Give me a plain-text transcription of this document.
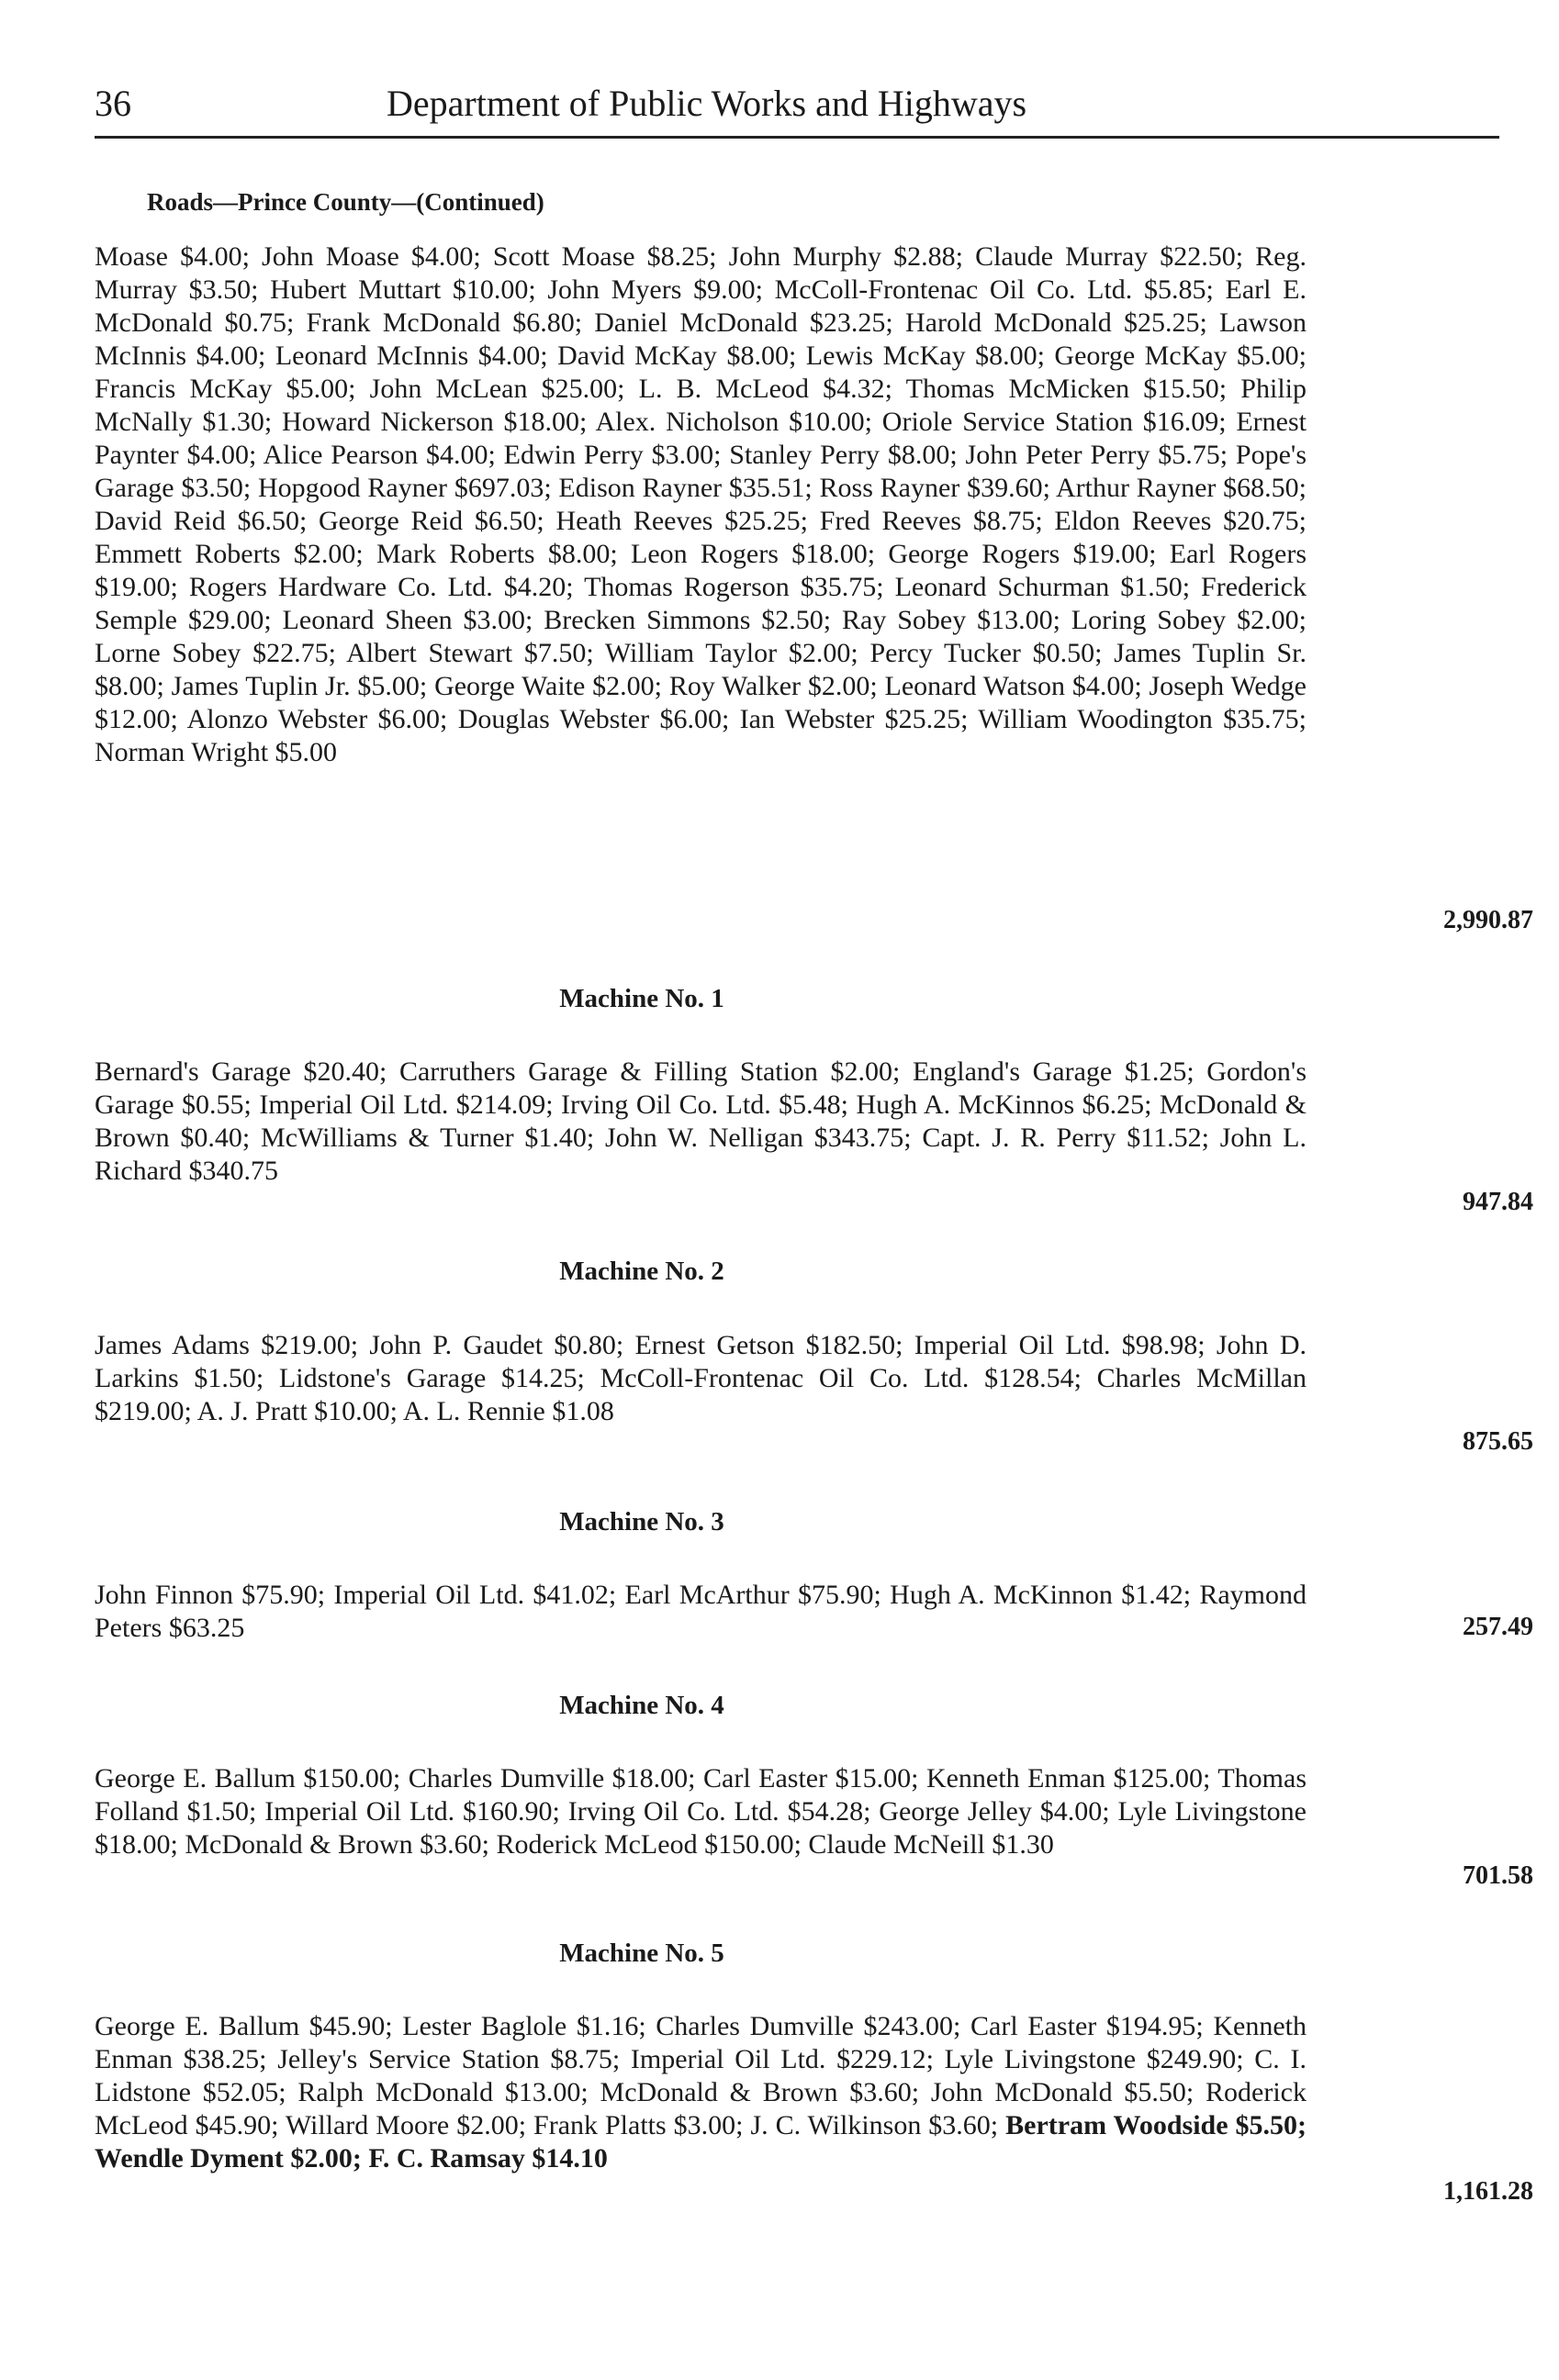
36	Department of Public Works and Highways
Roads—Prince County—(Continued)
Moase $4.00; John Moase $4.00; Scott Moase $8.25; John Murphy $2.88; Claude Murray $22.50; Reg. Murray $3.50; Hubert Muttart $10.00; John Myers $9.00; McColl-Frontenac Oil Co. Ltd. $5.85; Earl E. McDonald $0.75; Frank McDonald $6.80; Daniel McDonald $23.25; Harold McDonald $25.25; Lawson McInnis $4.00; Leonard McInnis $4.00; David McKay $8.00; Lewis McKay $8.00; George McKay $5.00; Francis McKay $5.00; John McLean $25.00; L. B. McLeod $4.32; Thomas McMicken $15.50; Philip McNally $1.30; Howard Nickerson $18.00; Alex. Nicholson $10.00; Oriole Service Station $16.09; Ernest Paynter $4.00; Alice Pearson $4.00; Edwin Perry $3.00; Stanley Perry $8.00; John Peter Perry $5.75; Pope's Garage $3.50; Hopgood Rayner $697.03; Edison Rayner $35.51; Ross Rayner $39.60; Arthur Rayner $68.50; David Reid $6.50; George Reid $6.50; Heath Reeves $25.25; Fred Reeves $8.75; Eldon Reeves $20.75; Emmett Roberts $2.00; Mark Roberts $8.00; Leon Rogers $18.00; George Rogers $19.00; Earl Rogers $19.00; Rogers Hardware Co. Ltd. $4.20; Thomas Rogerson $35.75; Leonard Schurman $1.50; Frederick Semple $29.00; Leonard Sheen $3.00; Brecken Simmons $2.50; Ray Sobey $13.00; Loring Sobey $2.00; Lorne Sobey $22.75; Albert Stewart $7.50; William Taylor $2.00; Percy Tucker $0.50; James Tuplin Sr. $8.00; James Tuplin Jr. $5.00; George Waite $2.00; Roy Walker $2.00; Leonard Watson $4.00; Joseph Wedge $12.00; Alonzo Webster $6.00; Douglas Webster $6.00; Ian Webster $25.25; William Woodington $35.75; Norman Wright $5.00
2,990.87
Machine No. 1
Bernard's Garage $20.40; Carruthers Garage & Filling Station $2.00; England's Garage $1.25; Gordon's Garage $0.55; Imperial Oil Ltd. $214.09; Irving Oil Co. Ltd. $5.48; Hugh A. McKinnos $6.25; McDonald & Brown $0.40; McWilliams & Turner $1.40; John W. Nelligan $343.75; Capt. J. R. Perry $11.52; John L. Richard $340.75
947.84
Machine No. 2
James Adams $219.00; John P. Gaudet $0.80; Ernest Getson $182.50; Imperial Oil Ltd. $98.98; John D. Larkins $1.50; Lidstone's Garage $14.25; McColl-Frontenac Oil Co. Ltd. $128.54; Charles McMillan $219.00; A. J. Pratt $10.00; A. L. Rennie $1.08
875.65
Machine No. 3
John Finnon $75.90; Imperial Oil Ltd. $41.02; Earl McArthur $75.90; Hugh A. McKinnon $1.42; Raymond Peters $63.25	257.49
Machine No. 4
George E. Ballum $150.00; Charles Dumville $18.00; Carl Easter $15.00; Kenneth Enman $125.00; Thomas Folland $1.50; Imperial Oil Ltd. $160.90; Irving Oil Co. Ltd. $54.28; George Jelley $4.00; Lyle Livingstone $18.00; McDonald & Brown $3.60; Roderick McLeod $150.00; Claude McNeill $1.30
701.58
Machine No. 5
George E. Ballum $45.90; Lester Baglole $1.16; Charles Dumville $243.00; Carl Easter $194.95; Kenneth Enman $38.25; Jelley's Service Station $8.75; Imperial Oil Ltd. $229.12; Lyle Livingstone $249.90; C. I. Lidstone $52.05; Ralph McDonald $13.00; McDonald & Brown $3.60; John McDonald $5.50; Roderick McLeod $45.90; Willard Moore $2.00; Frank Platts $3.00; J. C. Wilkinson $3.60; Bertram Woodside $5.50; Wendle Dyment $2.00; F. C. Ramsay $14.10
1,161.28
